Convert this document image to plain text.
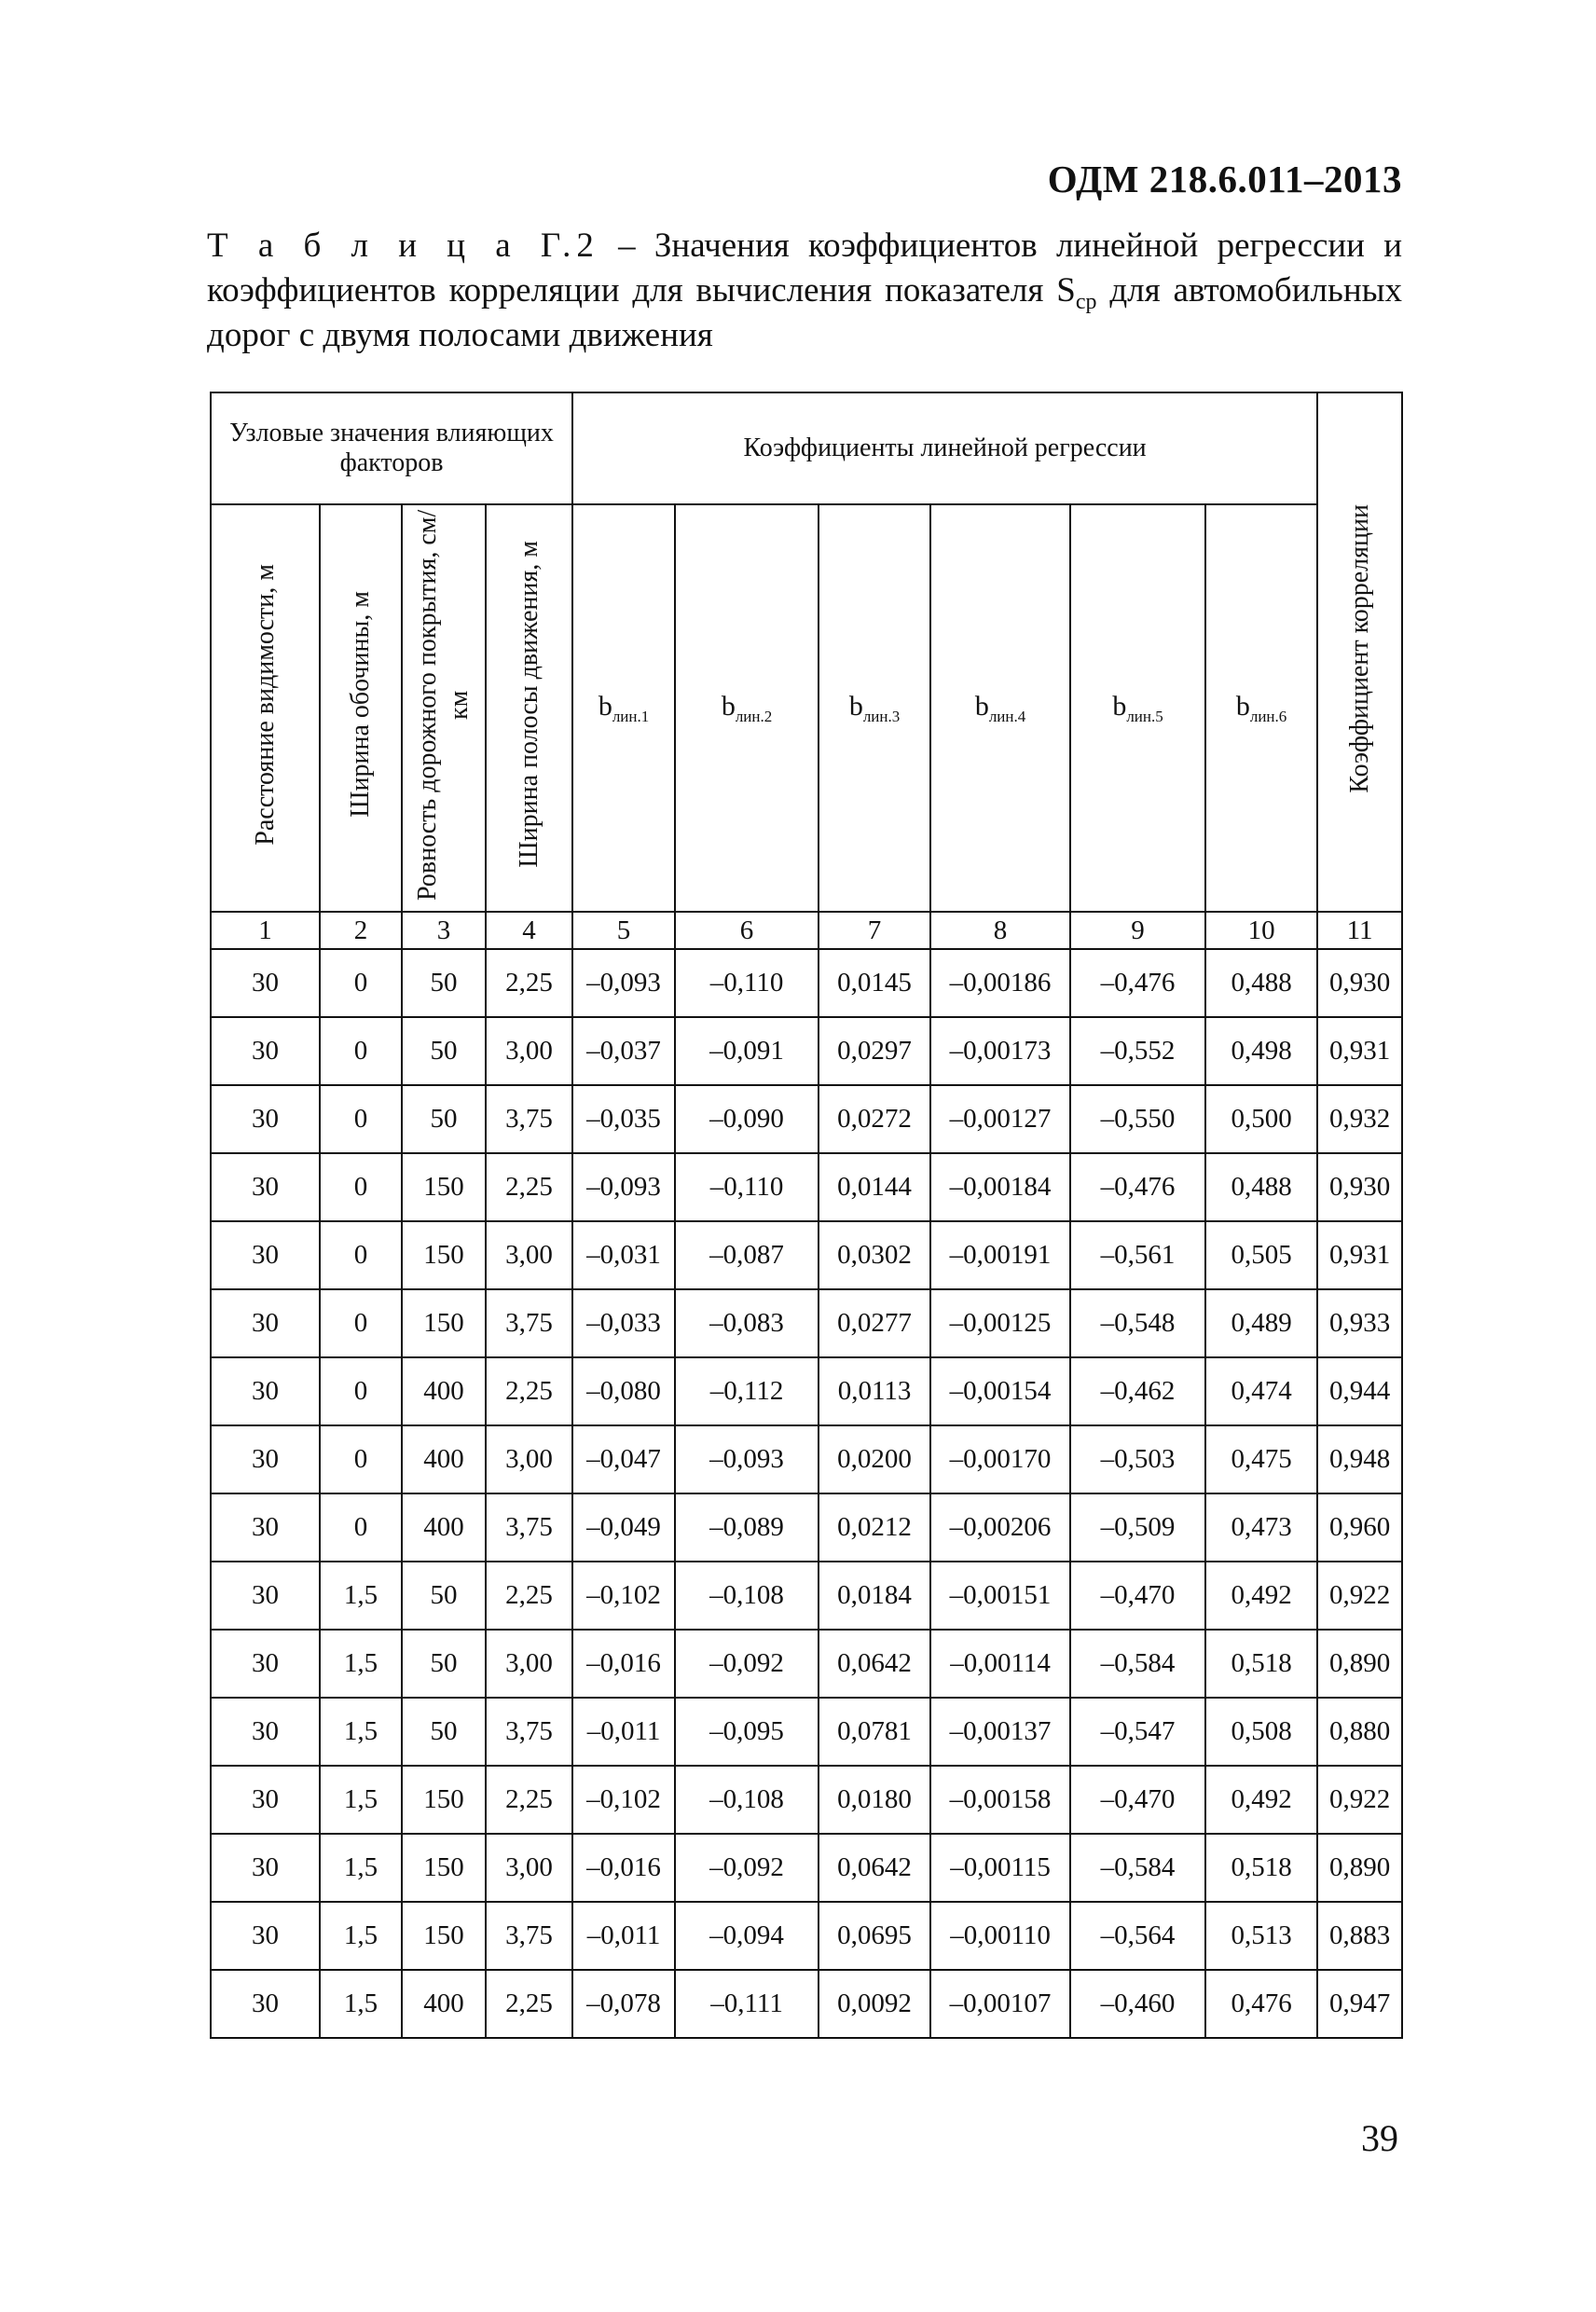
ОДМ 218.6.011–2013
Т а б л и ц а Г.2 – Значения коэффициентов линейной регрессии и коэффициентов корреляции для вычисления показателя $S_{ср}$ для автомобильных дорог с двумя полосами движения
Узловые значения влияющих факторов				Коэффициенты линейной регрессии						Коэффициент корреляции
Расстояние видимости, м	Ширина обочины, м	Ровность дорожного покрытия, см/км	Ширина полосы движения, м	$b_{лин.1}$	$b_{лин.2}$	$b_{лин.3}$	$b_{лин.4}$	$b_{лин.5}$	$b_{лин.6}$
1	2	3	4	5	6	7	8	9	10	11
30	0	50	2,25	–0,093	–0,110	0,0145	–0,00186	–0,476	0,488	0,930
30	0	50	3,00	–0,037	–0,091	0,0297	–0,00173	–0,552	0,498	0,931
30	0	50	3,75	–0,035	–0,090	0,0272	–0,00127	–0,550	0,500	0,932
30	0	150	2,25	–0,093	–0,110	0,0144	–0,00184	–0,476	0,488	0,930
30	0	150	3,00	–0,031	–0,087	0,0302	–0,00191	–0,561	0,505	0,931
30	0	150	3,75	–0,033	–0,083	0,0277	–0,00125	–0,548	0,489	0,933
30	0	400	2,25	–0,080	–0,112	0,0113	–0,00154	–0,462	0,474	0,944
30	0	400	3,00	–0,047	–0,093	0,0200	–0,00170	–0,503	0,475	0,948
30	0	400	3,75	–0,049	–0,089	0,0212	–0,00206	–0,509	0,473	0,960
30	1,5	50	2,25	–0,102	–0,108	0,0184	–0,00151	–0,470	0,492	0,922
30	1,5	50	3,00	–0,016	–0,092	0,0642	–0,00114	–0,584	0,518	0,890
30	1,5	50	3,75	–0,011	–0,095	0,0781	–0,00137	–0,547	0,508	0,880
30	1,5	150	2,25	–0,102	–0,108	0,0180	–0,00158	–0,470	0,492	0,922
30	1,5	150	3,00	–0,016	–0,092	0,0642	–0,00115	–0,584	0,518	0,890
30	1,5	150	3,75	–0,011	–0,094	0,0695	–0,00110	–0,564	0,513	0,883
30	1,5	400	2,25	–0,078	–0,111	0,0092	–0,00107	–0,460	0,476	0,947
39
